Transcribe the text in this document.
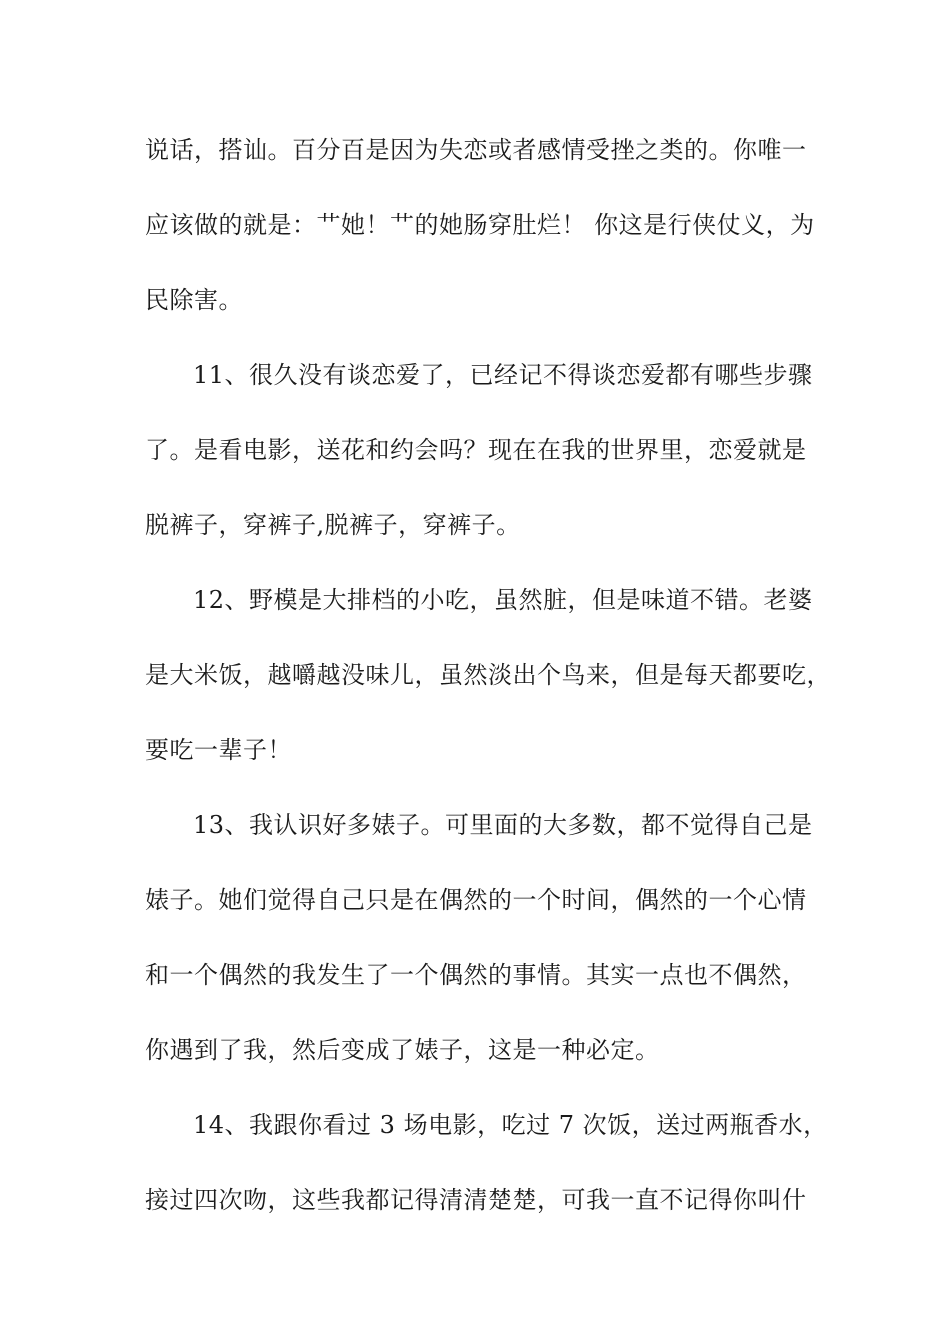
说话，搭讪。百分百是因为失恋或者感情受挫之类的。你唯一
应该做的就是：艹她！艹的她肠穿肚烂！ 你这是行侠仗义，为
民除害。
11、很久没有谈恋爱了，已经记不得谈恋爱都有哪些步骤
了。是看电影，送花和约会吗？现在在我的世界里，恋爱就是
脱裤子，穿裤子,脱裤子，穿裤子。
12、野模是大排档的小吃，虽然脏，但是味道不错。老婆
是大米饭，越嚼越没味儿，虽然淡出个鸟来，但是每天都要吃，
要吃一辈子！
13、我认识好多婊子。可里面的大多数，都不觉得自己是
婊子。她们觉得自己只是在偶然的一个时间，偶然的一个心情
和一个偶然的我发生了一个偶然的事情。其实一点也不偶然，
你遇到了我，然后变成了婊子，这是一种必定。
14、我跟你看过 3 场电影，吃过 7 次饭，送过两瓶香水，
接过四次吻，这些我都记得清清楚楚，可我一直不记得你叫什
